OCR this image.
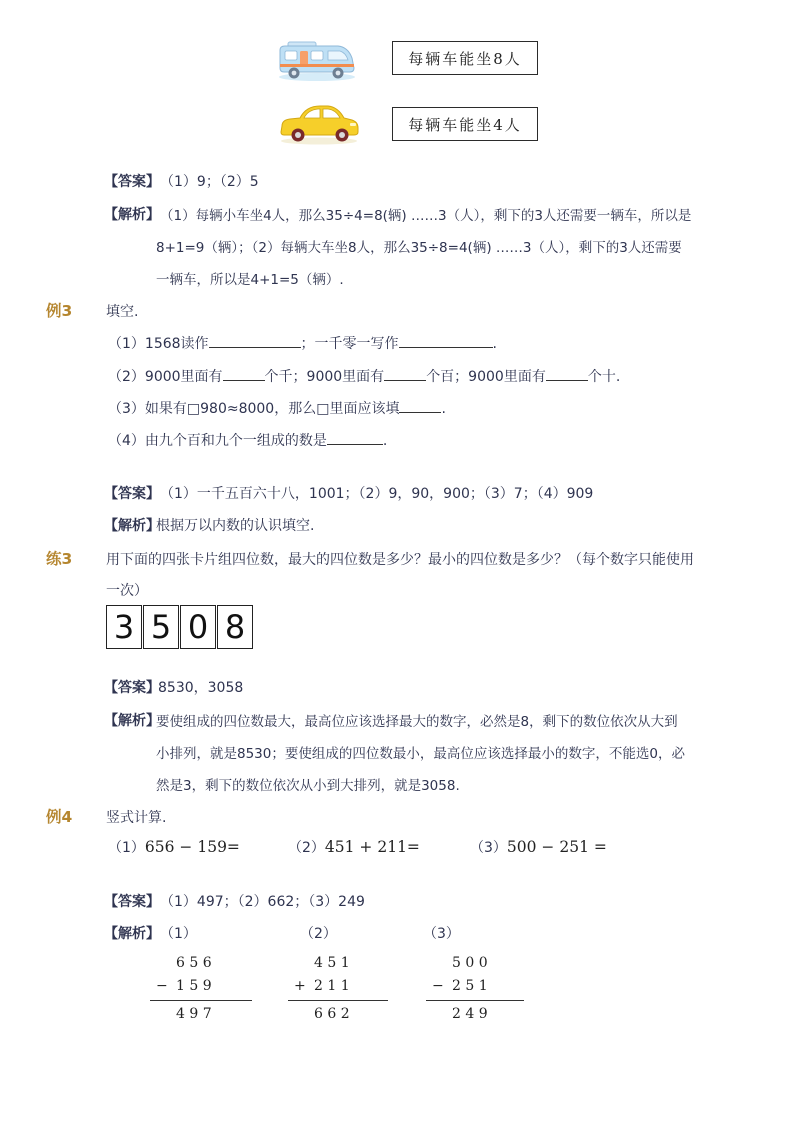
每辆车能坐8人
每辆车能坐4人
【答案】 （1）9；（2）5
【解析】 （1）每辆小车坐4人，那么35÷4=8(辆) ……3（人），剩下的3人还需要一辆车，所以是
8+1=9（辆）；（2）每辆大车坐8人，那么35÷8=4(辆) ……3（人），剩下的3人还需要
一辆车，所以是4+1=5（辆）.
例3 填空.
（1）1568读作	；一千零一写作	.
（2）9000里面有	个千；9000里面有	个百；9000里面有	个十.
（3）如果有□980≈8000，那么□里面应该填	.
（4）由九个百和九个一组成的数是	.
【答案】 （1）一千五百六十八，1001；（2）9，90，900；（3）7；（4）909
【解析】
根据万以内数的认识填空.
练3 用下面的四张卡片组四位数，最大的四位数是多少？最小的四位数是多少？（每个数字只能使用
一次）
3 5 0 8
【答案】
8530，3058
【解析】
要使组成的四位数最大，最高位应该选择最大的数字，必然是8，剩下的数位依次从大到
小排列，就是8530；要使组成的四位数最小，最高位应该选择最小的数字，不能选0，必
然是3，剩下的数位依次从小到大排列，就是3058.
例4 竖式计算.
（1）656 − 159=	（2）451 + 211=	（3）500 − 251 =
【答案】 （1）497；（2）662；（3）249
【解析】 （1）	（2）	（3）
6 5 6
− 1 5 9
4 9 7
4 5 1
+ 2 1 1
6 6 2
5 0 0
− 2 5 1
2 4 9
